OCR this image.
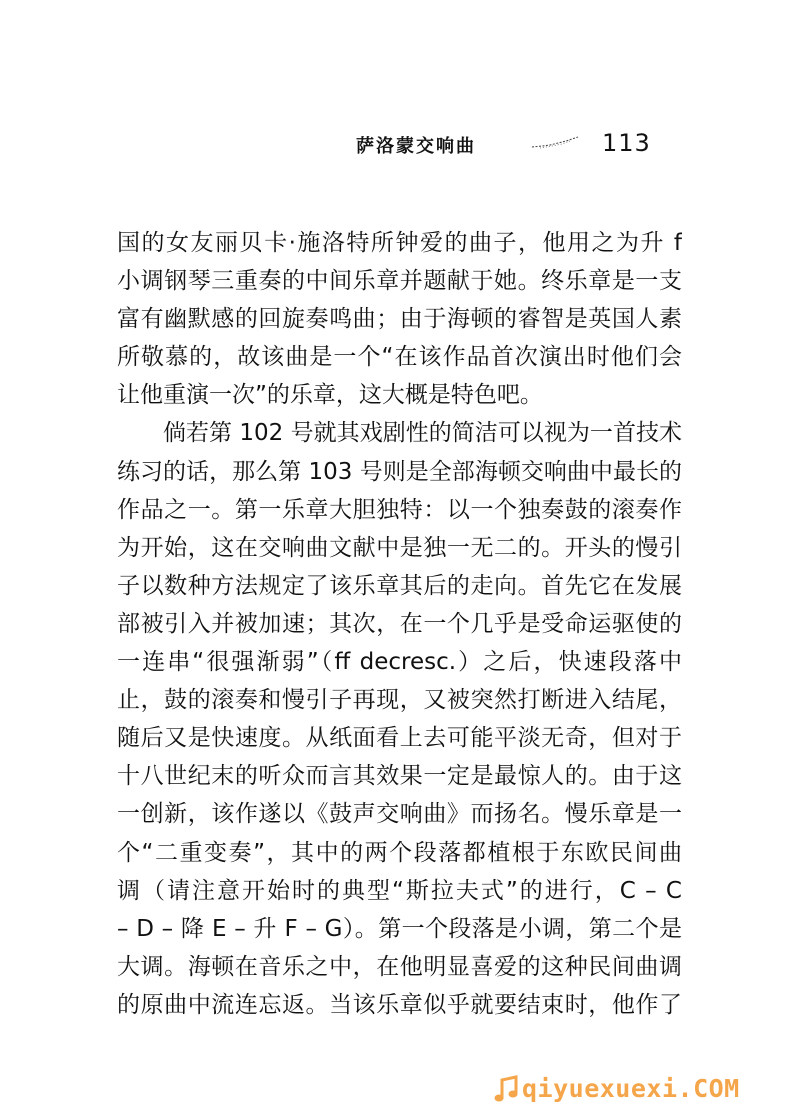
萨洛蒙交响曲	113
国的女友丽贝卡·施洛特所钟爱的曲子，他用之为升 f
小调钢琴三重奏的中间乐章并题献于她。终乐章是一支
富有幽默感的回旋奏鸣曲；由于海顿的睿智是英国人素
所敬慕的，故该曲是一个“在该作品首次演出时他们会
让他重演一次”的乐章，这大概是特色吧。
倘若第 102 号就其戏剧性的简洁可以视为一首技术
练习的话，那么第 103 号则是全部海顿交响曲中最长的
作品之一。第一乐章大胆独特：以一个独奏鼓的滚奏作
为开始，这在交响曲文献中是独一无二的。开头的慢引
子以数种方法规定了该乐章其后的走向。首先它在发展
部被引入并被加速；其次，在一个几乎是受命运驱使的
一连串“很强渐弱”（ff decresc.）之后，快速段落中
止，鼓的滚奏和慢引子再现，又被突然打断进入结尾，
随后又是快速度。从纸面看上去可能平淡无奇，但对于
十八世纪末的听众而言其效果一定是最惊人的。由于这
一创新，该作遂以《鼓声交响曲》而扬名。慢乐章是一
个“二重变奏”，其中的两个段落都植根于东欧民间曲
调（请注意开始时的典型“斯拉夫式”的进行，C – C
– D – 降 E – 升 F – G）。第一个段落是小调，第二个是
大调。海顿在音乐之中，在他明显喜爱的这种民间曲调
的原曲中流连忘返。当该乐章似乎就要结束时，他作了
qiyuexuexi.COM
